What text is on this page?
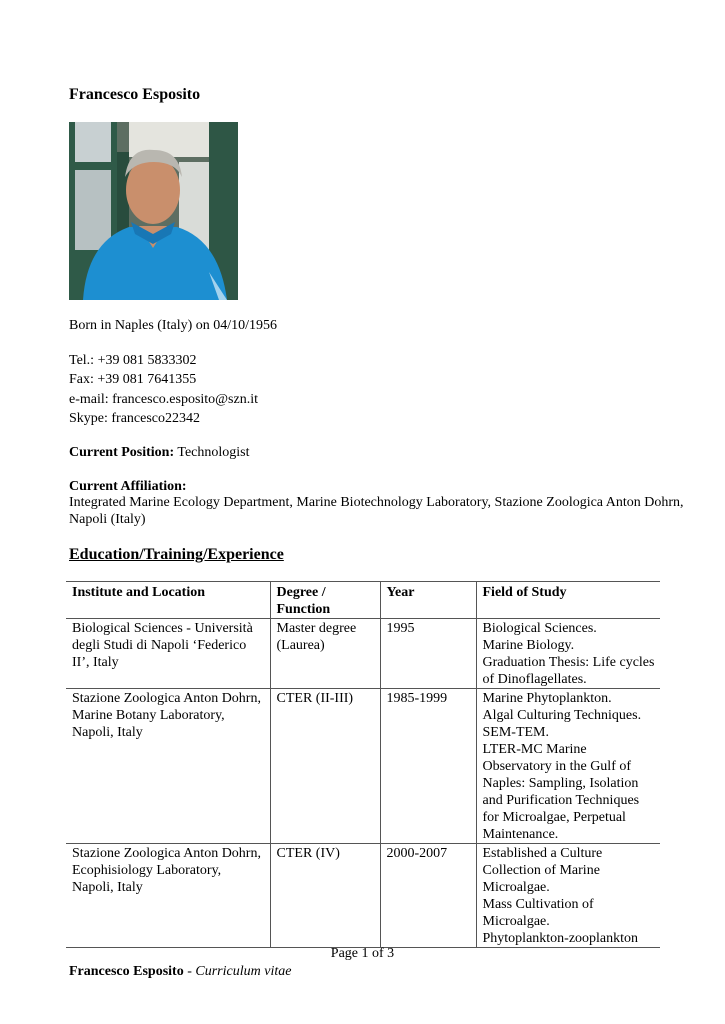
Francesco Esposito
Born in Naples (Italy) on 04/10/1956
Tel.: +39 081 5833302
Fax: +39 081 7641355
e-mail: francesco.esposito@szn.it
Skype: francesco22342
Current Position: Technologist
Current Affiliation:
Integrated Marine Ecology Department, Marine Biotechnology Laboratory, Stazione Zoologica Anton Dohrn, Napoli (Italy)
Education/Training/Experience
Institute and Location	Degree / Function	Year	Field of Study
Biological Sciences - Università degli Studi di Napoli ‘Federico II’, Italy	Master degree (Laurea)	1995	Biological Sciences.
Marine Biology.
Graduation Thesis: Life cycles of Dinoflagellates.

Stazione Zoologica Anton Dohrn, Marine Botany Laboratory, Napoli, Italy	CTER (II-III)	1985-1999	Marine Phytoplankton.
Algal Culturing Techniques.
SEM-TEM.
LTER-MC Marine Observatory in the Gulf of Naples: Sampling, Isolation and Purification Techniques for Microalgae, Perpetual Maintenance.

Stazione Zoologica Anton Dohrn, Ecophisiology Laboratory, Napoli, Italy	CTER (IV)	2000-2007	Established a Culture Collection of Marine Microalgae.
Mass Cultivation of Microalgae.
Phytoplankton-zooplankton
Page 1 of 3
Francesco Esposito - Curriculum vitae
